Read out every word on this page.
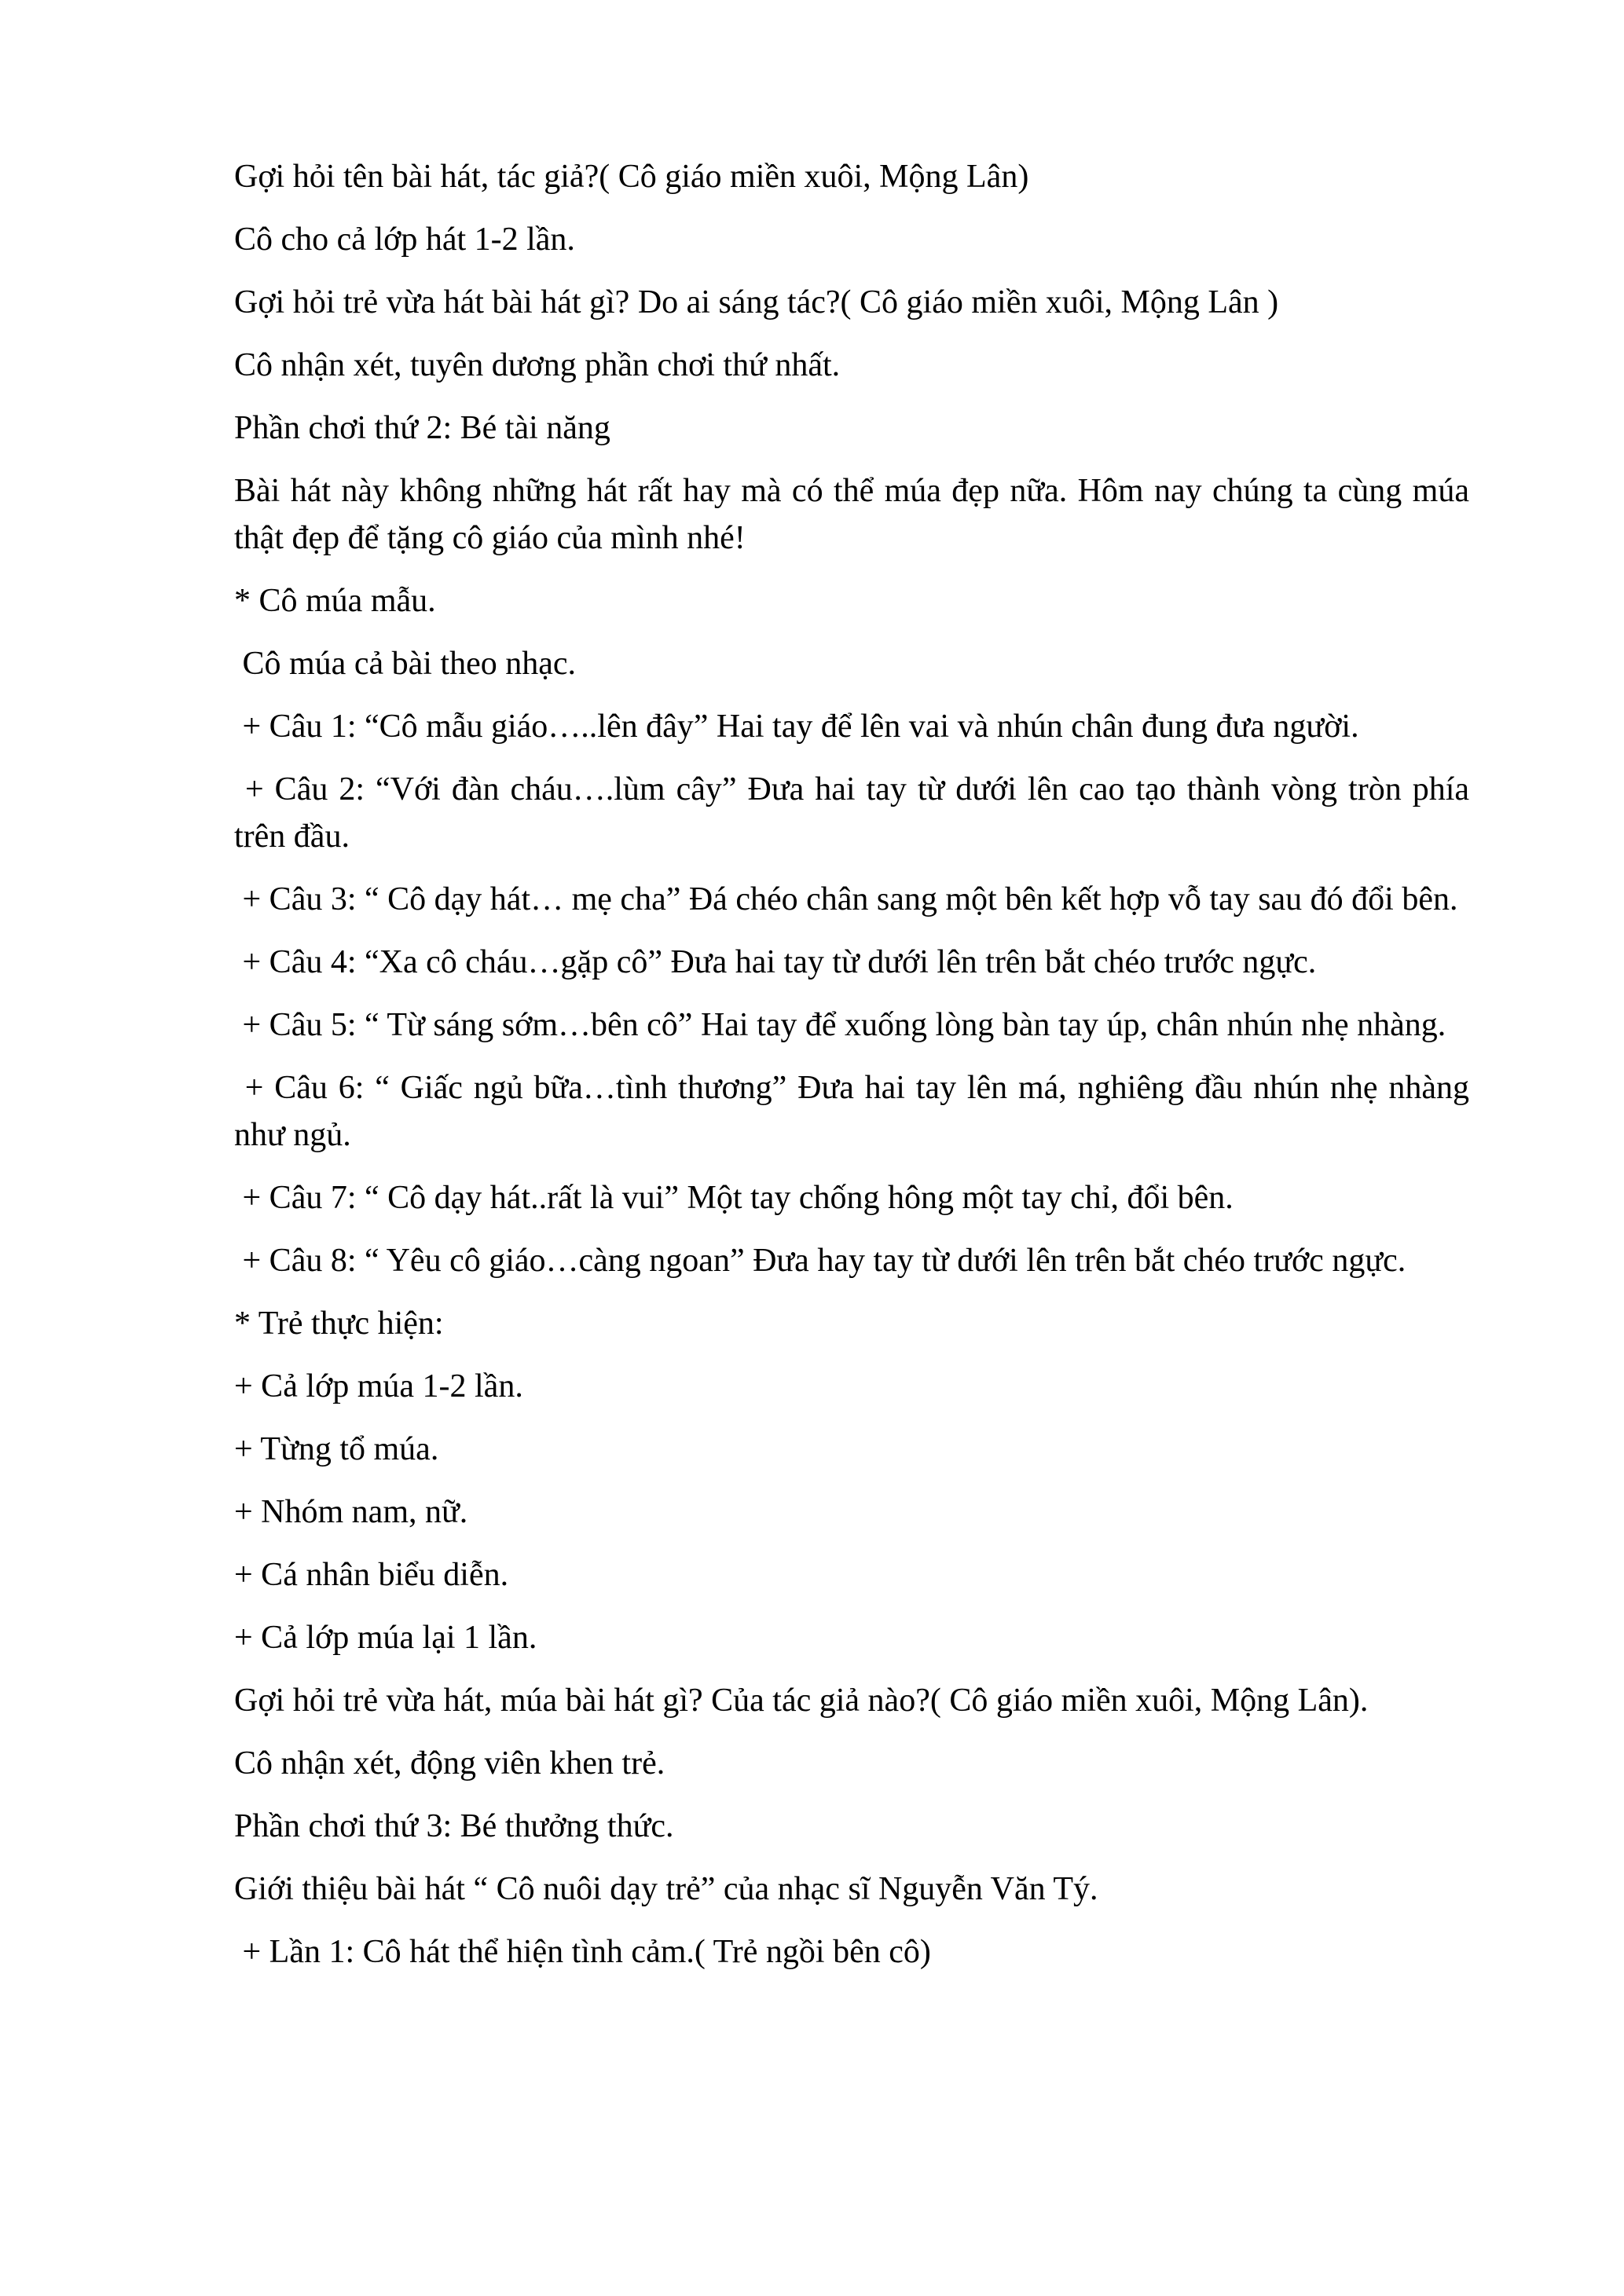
Gợi hỏi tên bài hát, tác giả?( Cô giáo miền xuôi, Mộng Lân)

Cô cho cả lớp hát 1-2 lần.

Gợi hỏi trẻ vừa hát bài hát gì? Do ai sáng tác?( Cô giáo miền xuôi, Mộng Lân )

Cô nhận xét, tuyên dương phần chơi thứ nhất.

Phần chơi thứ 2: Bé tài năng

Bài hát này không những hát rất hay mà có thể múa đẹp nữa. Hôm nay chúng ta cùng múa thật đẹp để tặng cô giáo của mình nhé!

* Cô múa mẫu.

Cô múa cả bài theo nhạc.

+ Câu 1: “Cô mẫu giáo…..lên đây” Hai tay để lên vai và nhún chân đung đưa người.

+ Câu 2: “Với đàn cháu….lùm cây” Đưa hai tay từ dưới lên cao tạo thành vòng tròn phía trên đầu.

+ Câu 3: “ Cô dạy hát… mẹ cha” Đá chéo chân sang một bên kết hợp vỗ tay sau đó đổi bên.

+ Câu 4: “Xa cô cháu…gặp cô” Đưa hai tay từ dưới lên trên bắt chéo trước ngực.

+ Câu 5: “ Từ sáng sớm…bên cô” Hai tay để xuống lòng bàn tay úp, chân nhún nhẹ nhàng.

+ Câu 6: “ Giấc ngủ bữa…tình thương” Đưa hai tay lên má, nghiêng đầu nhún nhẹ nhàng như ngủ.

+ Câu 7: “ Cô dạy hát..rất là vui” Một tay chống hông một tay chỉ, đổi bên.

+ Câu 8: “ Yêu cô giáo…càng ngoan” Đưa hay tay từ dưới lên trên bắt chéo trước ngực.

* Trẻ thực hiện:

+ Cả lớp múa 1-2 lần.

+ Từng tổ múa.

+ Nhóm nam, nữ.

+ Cá nhân biểu diễn.

+ Cả lớp múa lại 1 lần.

Gợi hỏi trẻ vừa hát, múa bài hát gì? Của tác giả nào?( Cô giáo miền xuôi, Mộng Lân).

Cô nhận xét, động viên khen trẻ.

Phần chơi thứ 3: Bé thưởng thức.

Giới thiệu bài hát “ Cô nuôi dạy trẻ” của nhạc sĩ Nguyễn Văn Tý.

+ Lần 1: Cô hát thể hiện tình cảm.( Trẻ ngồi bên cô)
